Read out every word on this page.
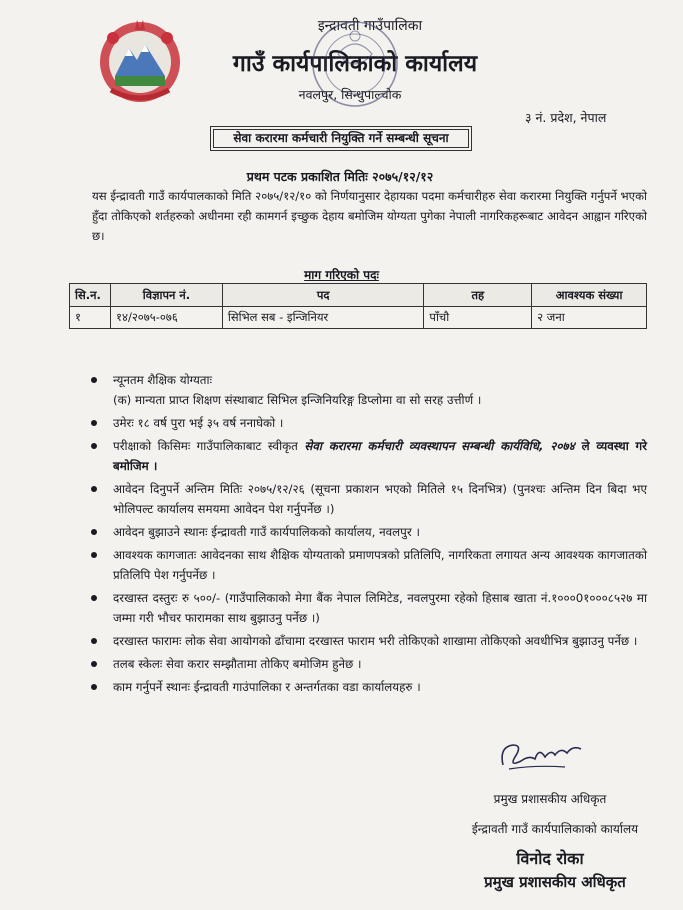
इन्द्रावती गाउँपालिका
गाउँ कार्यपालिकाको कार्यालय
नवलपुर, सिन्धुपाल्चोक
३ नं. प्रदेश, नेपाल
सेवा करारमा कर्मचारी नियुक्ति गर्ने सम्बन्धी सूचना
प्रथम पटक प्रकाशित मितिः २०७५/१२/१२
यस ईन्द्रावती गाउँ कार्यपालकाको मिति २०७५/१२/१० को निर्णयानुसार देहायका पदमा कर्मचारीहरु सेवा करारमा नियुक्ति गर्नुपर्ने भएको हुँदा तोकिएको शर्तहरुको अधीनमा रही कामगर्न इच्छुक देहाय बमोजिम योग्यता पुगेका नेपाली नागरिकहरूबाट आवेदन आह्वान गरिएको छ।
माग गरिएको पदः
सि.न.	विज्ञापन नं.	पद	तह	आवश्यक संख्या
१	१४/२०७५-०७६	सिभिल सब - इन्जिनियर	पाँचौ	२ जना
न्यूनतम शैक्षिक योग्यताः
(क) मान्यता प्राप्त शिक्षण संस्थाबाट सिभिल इन्जिनियरिङ्ग डिप्लोमा वा सो सरह उत्तीर्ण ।
उमेरः १८ वर्ष पुरा भई ३५ वर्ष ननाघेको ।
परीक्षाको किसिमः गाउँपालिकाबाट स्वीकृत सेवा करारमा कर्मचारी व्यवस्थापन सम्बन्धी कार्यविधि, २०७४ ले व्यवस्था गरे बमोजिम ।
आवेदन दिनुपर्ने अन्तिम मितिः २०७५/१२/२६ (सूचना प्रकाशन भएको मितिले १५ दिनभित्र) (पुनश्चः अन्तिम दिन बिदा भए भोलिपल्ट कार्यालय समयमा आवेदन पेश गर्नुपर्नेछ ।)
आवेदन बुझाउने स्थानः ईन्द्रावती गाउँ कार्यपालिकको कार्यालय, नवलपुर ।
आवश्यक कागजातः आवेदनका साथ शैक्षिक योग्यताको प्रमाणपत्रको प्रतिलिपि, नागरिकता लगायत अन्य आवश्यक कागजातको प्रतिलिपि पेश गर्नुपर्नेछ ।
दरखास्त दस्तुरः रु ५००/- (गाउँपालिकाको मेगा बैंक नेपाल लिमिटेड, नवलपुरमा रहेको हिसाब खाता नं.१०००0१०००८५२७ मा जम्मा गरी भौचर फारामका साथ बुझाउनु पर्नेछ ।)
दरखास्त फारामः लोक सेवा आयोगको ढाँचामा दरखास्त फाराम भरी तोकिएको शाखामा तोकिएको अवधीभित्र बुझाउनु पर्नेछ ।
तलब स्केलः सेवा करार सम्झौतामा तोकिए बमोजिम हुनेछ ।
काम गर्नुपर्ने स्थानः ईन्द्रावती गाउंपालिका र अन्तर्गतका वडा कार्यालयहरु ।
प्रमुख प्रशासकीय अधिकृत
ईन्द्रावती गाउँ कार्यपालिकाको कार्यालय
विनोद रोका
प्रमुख प्रशासकीय अधिकृत
